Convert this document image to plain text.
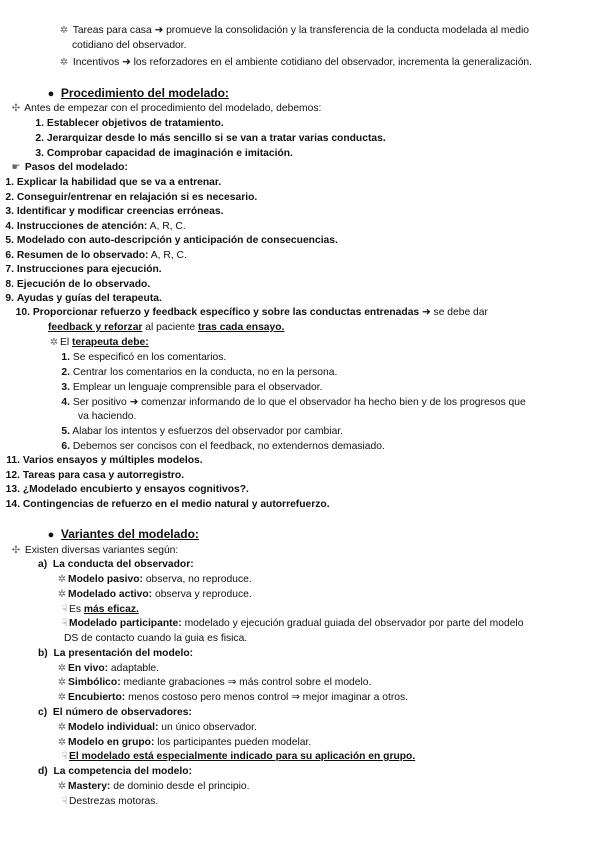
✲ Tareas para casa ➜ promueve la consolidación y la transferencia de la conducta modelada al medio
cotidiano del observador.
✲ Incentivos ➜ los reforzadores en el ambiente cotidiano del observador, incrementa la generalización.
● Procedimiento del modelado:
✣ Antes de empezar con el procedimiento del modelado, debemos:
1. Establecer objetivos de tratamiento.
2. Jerarquizar desde lo más sencillo si se van a tratar varias conductas.
3. Comprobar capacidad de imaginación e imitación.
☛ Pasos del modelado:
1. Explicar la habilidad que se va a entrenar.
2. Conseguir/entrenar en relajación si es necesario.
3. Identificar y modificar creencias erróneas.
4. Instrucciones de atención: A, R, C.
5. Modelado con auto-descripción y anticipación de consecuencias.
6. Resumen de lo observado: A, R, C.
7. Instrucciones para ejecución.
8. Ejecución de lo observado.
9. Ayudas y guías del terapeuta.
10. Proporcionar refuerzo y feedback específico y sobre las conductas entrenadas ➜ se debe dar
feedback y reforzar al paciente tras cada ensayo.
✲ El terapeuta debe:
1. Se especificó en los comentarios.
2. Centrar los comentarios en la conducta, no en la persona.
3. Emplear un lenguaje comprensible para el observador.
4. Ser positivo ➜ comenzar informando de lo que el observador ha hecho bien y de los progresos que
va haciendo.
5. Alabar los intentos y esfuerzos del observador por cambiar.
6. Debemos ser concisos con el feedback, no extendernos demasiado.
11. Varios ensayos y múltiples modelos.
12. Tareas para casa y autorregistro.
13. ¿Modelado encubierto y ensayos cognitivos?.
14. Contingencias de refuerzo en el medio natural y autorrefuerzo.
● Variantes del modelado:
✣ Existen diversas variantes según:
a) La conducta del observador:
✲ Modelo pasivo: observa, no reproduce.
✲ Modelado activo: observa y reproduce.
☟Es más eficaz.
☟Modelado participante: modelado y ejecución gradual guiada del observador por parte del modelo
DS de contacto cuando la guia es fisica.
b) La presentación del modelo:
✲ En vivo: adaptable.
✲ Simbólico: mediante grabaciones ⇒ más control sobre el modelo.
✲ Encubierto: menos costoso pero menos control ⇒ mejor imaginar a otros.
c) El número de observadores:
✲ Modelo individual: un único observador.
✲ Modelo en grupo: los participantes pueden modelar.
☟El modelado está especialmente indicado para su aplicación en grupo.
d) La competencia del modelo:
✲ Mastery: de dominio desde el principio.
☟Destrezas motoras.
